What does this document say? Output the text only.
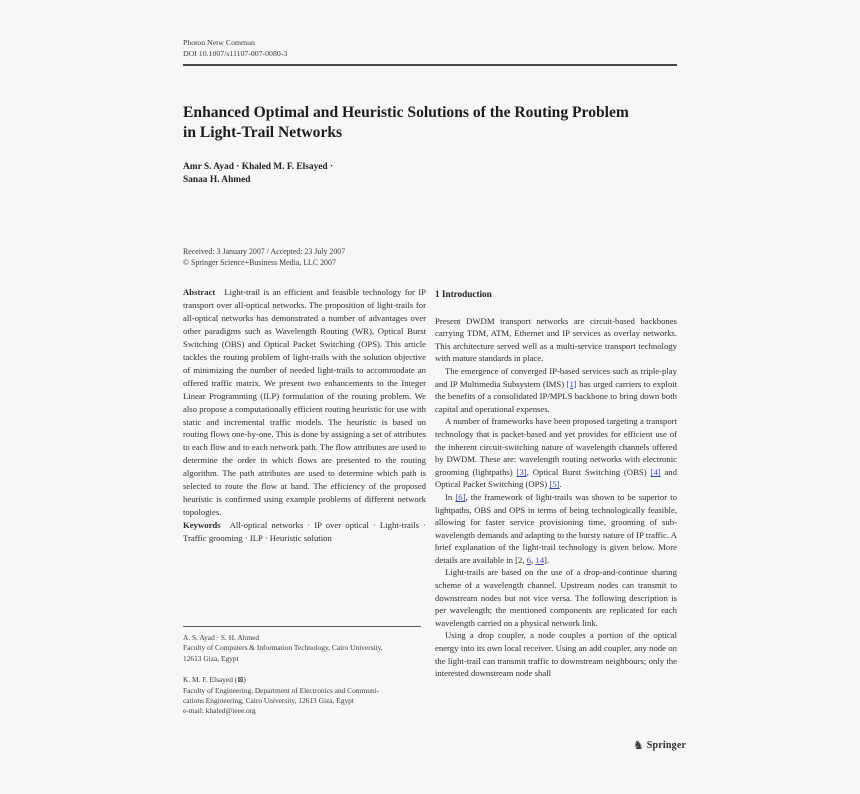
Photon Netw Commun
DOI 10.1007/s11107-007-0080-3
Enhanced Optimal and Heuristic Solutions of the Routing Problem
in Light-Trail Networks
Amr S. Ayad · Khaled M. F. Elsayed ·
Sanaa H. Ahmed
Received: 3 January 2007 / Accepted: 23 July 2007
© Springer Science+Business Media, LLC 2007

Abstract Light-trail is an efficient and feasible technology for IP transport over all-optical networks. The proposition of light-trails for all-optical networks has demonstrated a number of advantages over other paradigms such as Wavelength Routing (WR), Optical Burst Switching (OBS) and Optical Packet Switching (OPS). This article tackles the routing problem of light-trails with the solution objective of minimizing the number of needed light-trails to accommodate an offered traffic matrix. We present two enhancements to the Integer Linear Programming (ILP) formulation of the routing problem. We also propose a computationally efficient routing heuristic for use with static and incremental traffic models. The heuristic is based on routing flows one-by-one. This is done by assigning a set of attributes to each flow and to each network path. The flow attributes are used to determine the order in which flows are presented to the routing algorithm. The path attributes are used to determine which path is selected to route the flow at hand. The efficiency of the proposed heuristic is confirmed using example problems of different network topologies.

Keywords All-optical networks · IP over optical · Light-trails · Traffic grooming · ILP · Heuristic solution

1 Introduction

Present DWDM transport networks are circuit-based backbones carrying TDM, ATM, Ethernet and IP services as overlay networks. This architecture served well as a multi-service transport technology with mature standards in place.

The emergence of converged IP-based services such as triple-play and IP Multimedia Subsystem (IMS) [1] has urged carriers to exploit the benefits of a consolidated IP/MPLS backbone to bring down both capital and operational expenses.

A number of frameworks have been proposed targeting a transport technology that is packet-based and yet provides for efficient use of the inherent circuit-switching nature of wavelength channels offered by DWDM. These are: wavelength routing networks with electronic grooming (lightpaths) [3], Optical Burst Switching (OBS) [4] and Optical Packet Switching (OPS) [5].

In [6], the framework of light-trails was shown to be superior to lightpaths, OBS and OPS in terms of being technologically feasible, allowing for faster service provisioning time, grooming of sub-wavelength demands and adapting to the bursty nature of IP traffic. A brief explanation of the light-trail technology is given below. More details are available in [2, 6, 14].

Light-trails are based on the use of a drop-and-continue sharing scheme of a wavelength channel. Upstream nodes can transmit to downstream nodes but not vice versa. The following description is per wavelength; the mentioned components are replicated for each wavelength carried on a physical network link.

Using a drop coupler, a node couples a portion of the optical energy into its own local receiver. Using an add coupler, any node on the light-trail can transmit traffic to downstream neighbours; only the interested downstream node shall

A. S. Ayad · S. H. Ahmed
Faculty of Computers & Information Technology, Cairo University,
12613 Giza, Egypt
K. M. F. Elsayed (⊠)
Faculty of Engineering, Department of Electronics and Communi-
cations Engineering, Cairo University, 12613 Giza, Egypt
e-mail: khaled@ieee.org
♞ Springer
